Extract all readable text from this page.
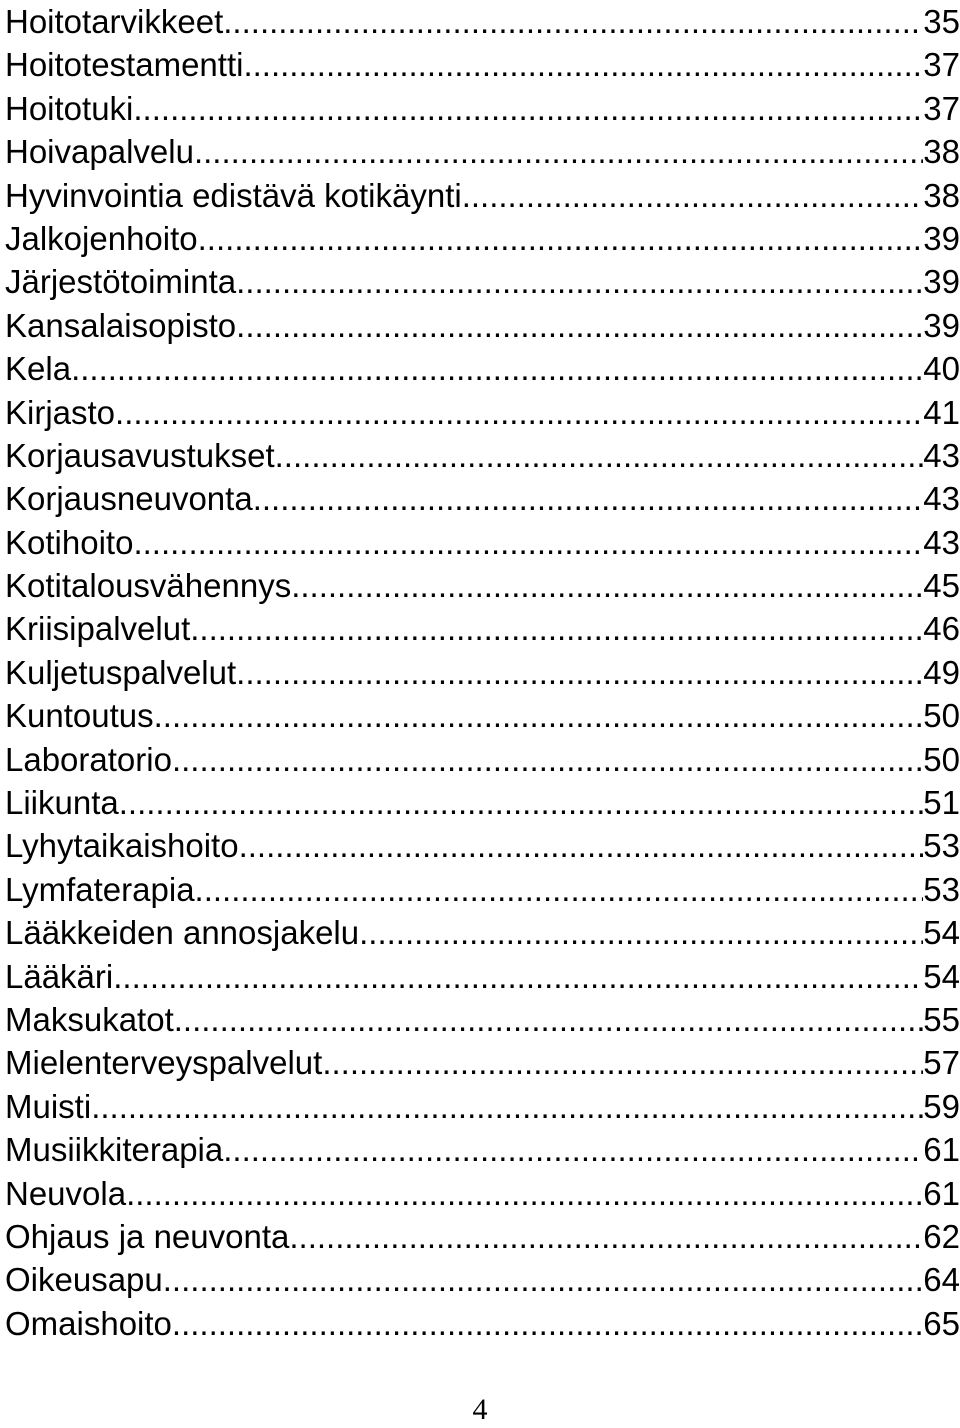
Hoitotarvikkeet .....	35
Hoitotestamentti .....	37
Hoitotuki .....	37
Hoivapalvelu .....	38
Hyvinvointia edistävä kotikäynti .....	38
Jalkojenhoito .....	39
Järjestötoiminta .....	39
Kansalaisopisto .....	39
Kela .....	40
Kirjasto .....	41
Korjausavustukset .....	43
Korjausneuvonta .....	43
Kotihoito .....	43
Kotitalousvähennys .....	45
Kriisipalvelut .....	46
Kuljetuspalvelut .....	49
Kuntoutus .....	50
Laboratorio .....	50
Liikunta .....	51
Lyhytaikaishoito .....	53
Lymfaterapia .....	53
Lääkkeiden annosjakelu .....	54
Lääkäri .....	54
Maksukatot .....	55
Mielenterveyspalvelut .....	57
Muisti .....	59
Musiikkiterapia .....	61
Neuvola .....	61
Ohjaus ja neuvonta .....	62
Oikeusapu .....	64
Omaishoito .....	65
4
